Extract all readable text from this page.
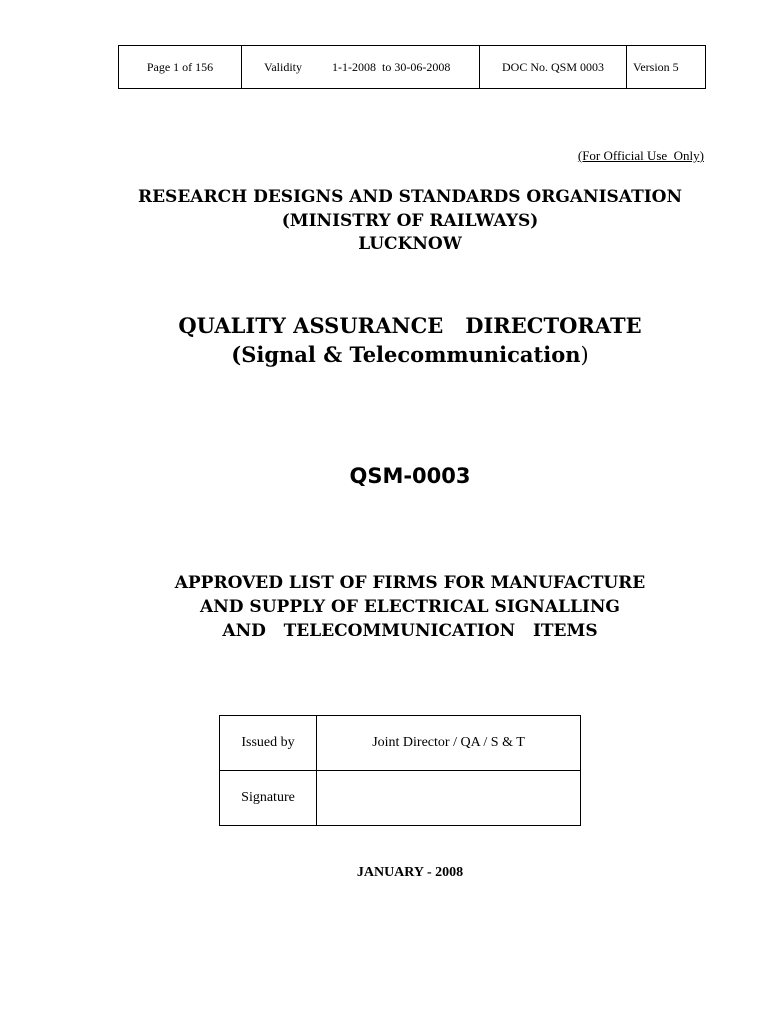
Page 1 of 156	Validity	1-1-2008  to 30-06-2008	DOC No. QSM 0003	Version 5
(For Official Use  Only)
RESEARCH DESIGNS AND STANDARDS ORGANISATION
(MINISTRY OF RAILWAYS)
LUCKNOW
QUALITY ASSURANCE   DIRECTORATE
(Signal & Telecommunication)
QSM-0003
APPROVED LIST OF FIRMS FOR MANUFACTURE
AND SUPPLY OF ELECTRICAL SIGNALLING
AND   TELECOMMUNICATION   ITEMS
Issued by	Joint Director / QA / S & T
Signature	
JANUARY - 2008
